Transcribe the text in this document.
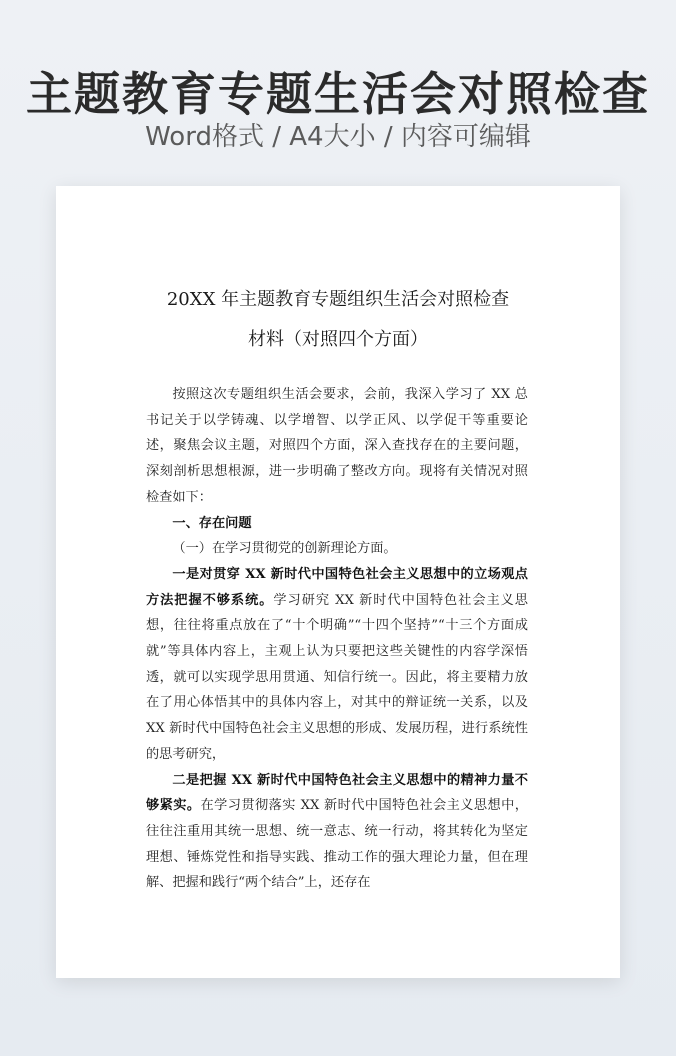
主题教育专题生活会对照检查
Word格式 / A4大小 / 内容可编辑
20XX 年主题教育专题组织生活会对照检查
材料（对照四个方面）

按照这次专题组织生活会要求，会前，我深入学习了 XX 总书记关于以学铸魂、以学增智、以学正风、以学促干等重要论述，聚焦会议主题，对照四个方面，深入查找存在的主要问题，深刻剖析思想根源，进一步明确了整改方向。现将有关情况对照检查如下：

一、存在问题

（一）在学习贯彻党的创新理论方面。

一是对贯穿 XX 新时代中国特色社会主义思想中的立场观点方法把握不够系统。学习研究 XX 新时代中国特色社会主义思想，往往将重点放在了“十个明确”“十四个坚持”“十三个方面成就”等具体内容上，主观上认为只要把这些关键性的内容学深悟透，就可以实现学思用贯通、知信行统一。因此，将主要精力放在了用心体悟其中的具体内容上，对其中的辩证统一关系，以及 XX 新时代中国特色社会主义思想的形成、发展历程，进行系统性的思考研究，

二是把握 XX 新时代中国特色社会主义思想中的精神力量不够紧实。在学习贯彻落实 XX 新时代中国特色社会主义思想中，往往注重用其统一思想、统一意志、统一行动，将其转化为坚定理想、锤炼党性和指导实践、推动工作的强大理论力量，但在理解、把握和践行“两个结合”上，还存在
